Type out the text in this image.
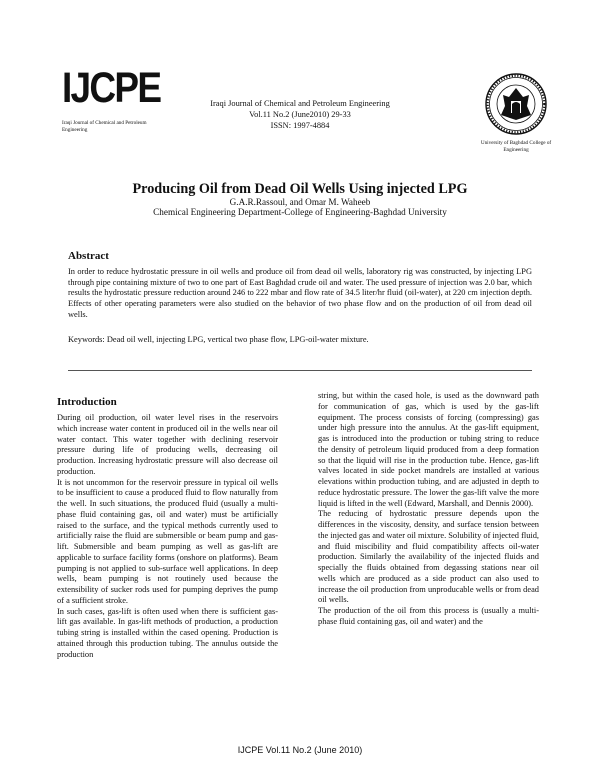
IJCPE
Iraqi Journal of Chemical and Petroleum Engineering
Iraqi Journal of Chemical and Petroleum Engineering
Vol.11 No.2 (June2010) 29-33
ISSN: 1997-4884
University of Baghdad College of Engineering
Producing Oil from Dead Oil Wells Using injected LPG
G.A.R.Rassoul, and Omar M. Waheeb
Chemical Engineering Department-College of Engineering-Baghdad University
Abstract
In order to reduce hydrostatic pressure in oil wells and produce oil from dead oil wells, laboratory rig was constructed, by injecting LPG through pipe containing mixture of two to one part of East Baghdad crude oil and water. The used pressure of injection was 2.0 bar, which results the hydrostatic pressure reduction around 246 to 222 mbar and flow rate of 34.5 liter/hr fluid (oil-water), at 220 cm injection depth. Effects of other operating parameters were also studied on the behavior of two phase flow and on the production of oil from dead oil wells.
Keywords: Dead oil well, injecting LPG, vertical two phase flow, LPG-oil-water mixture.
Introduction

During oil production, oil water level rises in the reservoirs which increase water content in produced oil in the wells near oil water contact. This water together with declining reservoir pressure during life of producing wells, decreasing oil production. Increasing hydrostatic pressure will also decrease oil production.

It is not uncommon for the reservoir pressure in typical oil wells to be insufficient to cause a produced fluid to flow naturally from the well. In such situations, the produced fluid (usually a multi-phase fluid containing gas, oil and water) must be artificially raised to the surface, and the typical methods currently used to artificially raise the fluid are submersible or beam pump and gas-lift. Submersible and beam pumping as well as gas-lift are applicable to surface facility forms (onshore on platforms). Beam pumping is not applied to sub-surface well applications. In deep wells, beam pumping is not routinely used because the extensibility of sucker rods used for pumping deprives the pump of a sufficient stroke.

In such cases, gas-lift is often used when there is sufficient gas-lift gas available. In gas-lift methods of production, a production tubing string is installed within the cased opening. Production is attained through this production tubing. The annulus outside the production

string, but within the cased hole, is used as the downward path for communication of gas, which is used by the gas-lift equipment. The process consists of forcing (compressing) gas under high pressure into the annulus. At the gas-lift equipment, gas is introduced into the production or tubing string to reduce the density of petroleum liquid produced from a deep formation so that the liquid will rise in the production tube. Hence, gas-lift valves located in side pocket mandrels are installed at various elevations within production tubing, and are adjusted in depth to reduce hydrostatic pressure. The lower the gas-lift valve the more liquid is lifted in the well (Edward, Marshall, and Dennis 2000).

The reducing of hydrostatic pressure depends upon the differences in the viscosity, density, and surface tension between the injected gas and water oil mixture. Solubility of injected fluid, and fluid miscibility and fluid compatibility affects oil-water production. Similarly the availability of the injected fluids and specially the fluids obtained from degassing stations near oil wells which are produced as a side product can also used to increase the oil production from unproducable wells or from dead oil wells.

The production of the oil from this process is (usually a multi-phase fluid containing gas, oil and water) and the

IJCPE Vol.11 No.2 (June 2010)
